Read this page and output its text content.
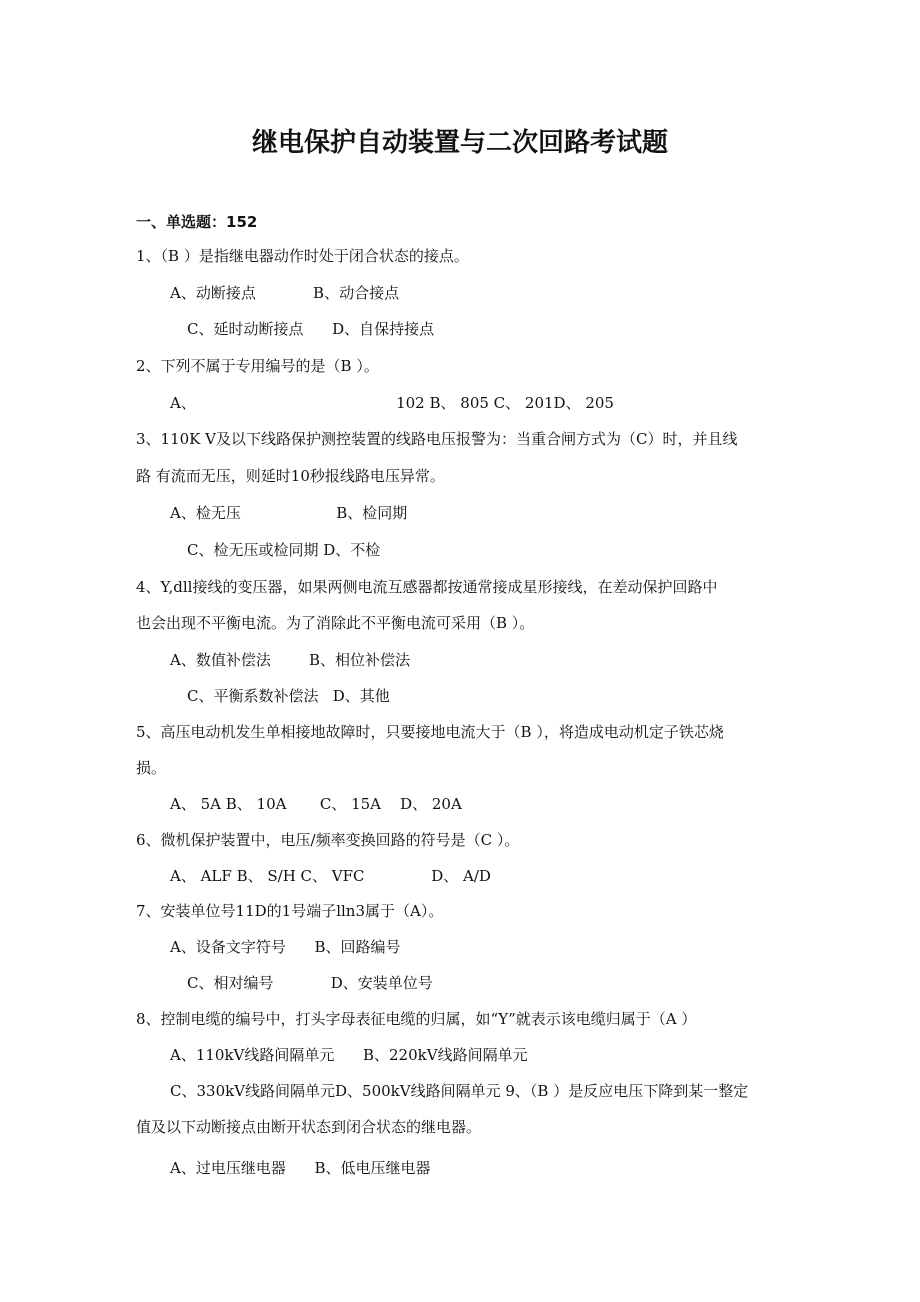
继电保护自动装置与二次回路考试题
一、单选题：152
1、（B ）是指继电器动作时处于闭合状态的接点。
A、动断接点            B、动合接点
C、延时动断接点      D、自保持接点
2、下列不属于专用编号的是（B ）。
A、                                          102 B、 805 C、 201D、 205
3、110K V及以下线路保护测控装置的线路电压报警为：当重合闸方式为（C）时，并且线
路 有流而无压，则延时10秒报线路电压异常。
A、检无压                    B、检同期
C、检无压或检同期 D、不检
4、Y,dll接线的变压器，如果两侧电流互感器都按通常接成星形接线，在差动保护回路中
也会出现不平衡电流。为了消除此不平衡电流可采用（B ）。
A、数值补偿法        B、相位补偿法
C、平衡系数补偿法   D、其他
5、高压电动机发生单相接地故障时，只要接地电流大于（B ），将造成电动机定子铁芯烧
损。
A、 5A B、 10A       C、 15A    D、 20A
6、微机保护装置中，电压/频率变换回路的符号是（C ）。
A、 ALF B、 S/H C、 VFC              D、 A/D
7、安装单位号11D的1号端子lln3属于（A）。
A、设备文字符号      B、回路编号
C、相对编号            D、安装单位号
8、控制电缆的编号中，打头字母表征电缆的归属，如“Y”就表示该电缆归属于（A ）
A、110kV线路间隔单元      B、220kV线路间隔单元
C、330kV线路间隔单元D、500kV线路间隔单元 9、（B ）是反应电压下降到某一整定
值及以下动断接点由断开状态到闭合状态的继电器。
A、过电压继电器      B、低电压继电器
